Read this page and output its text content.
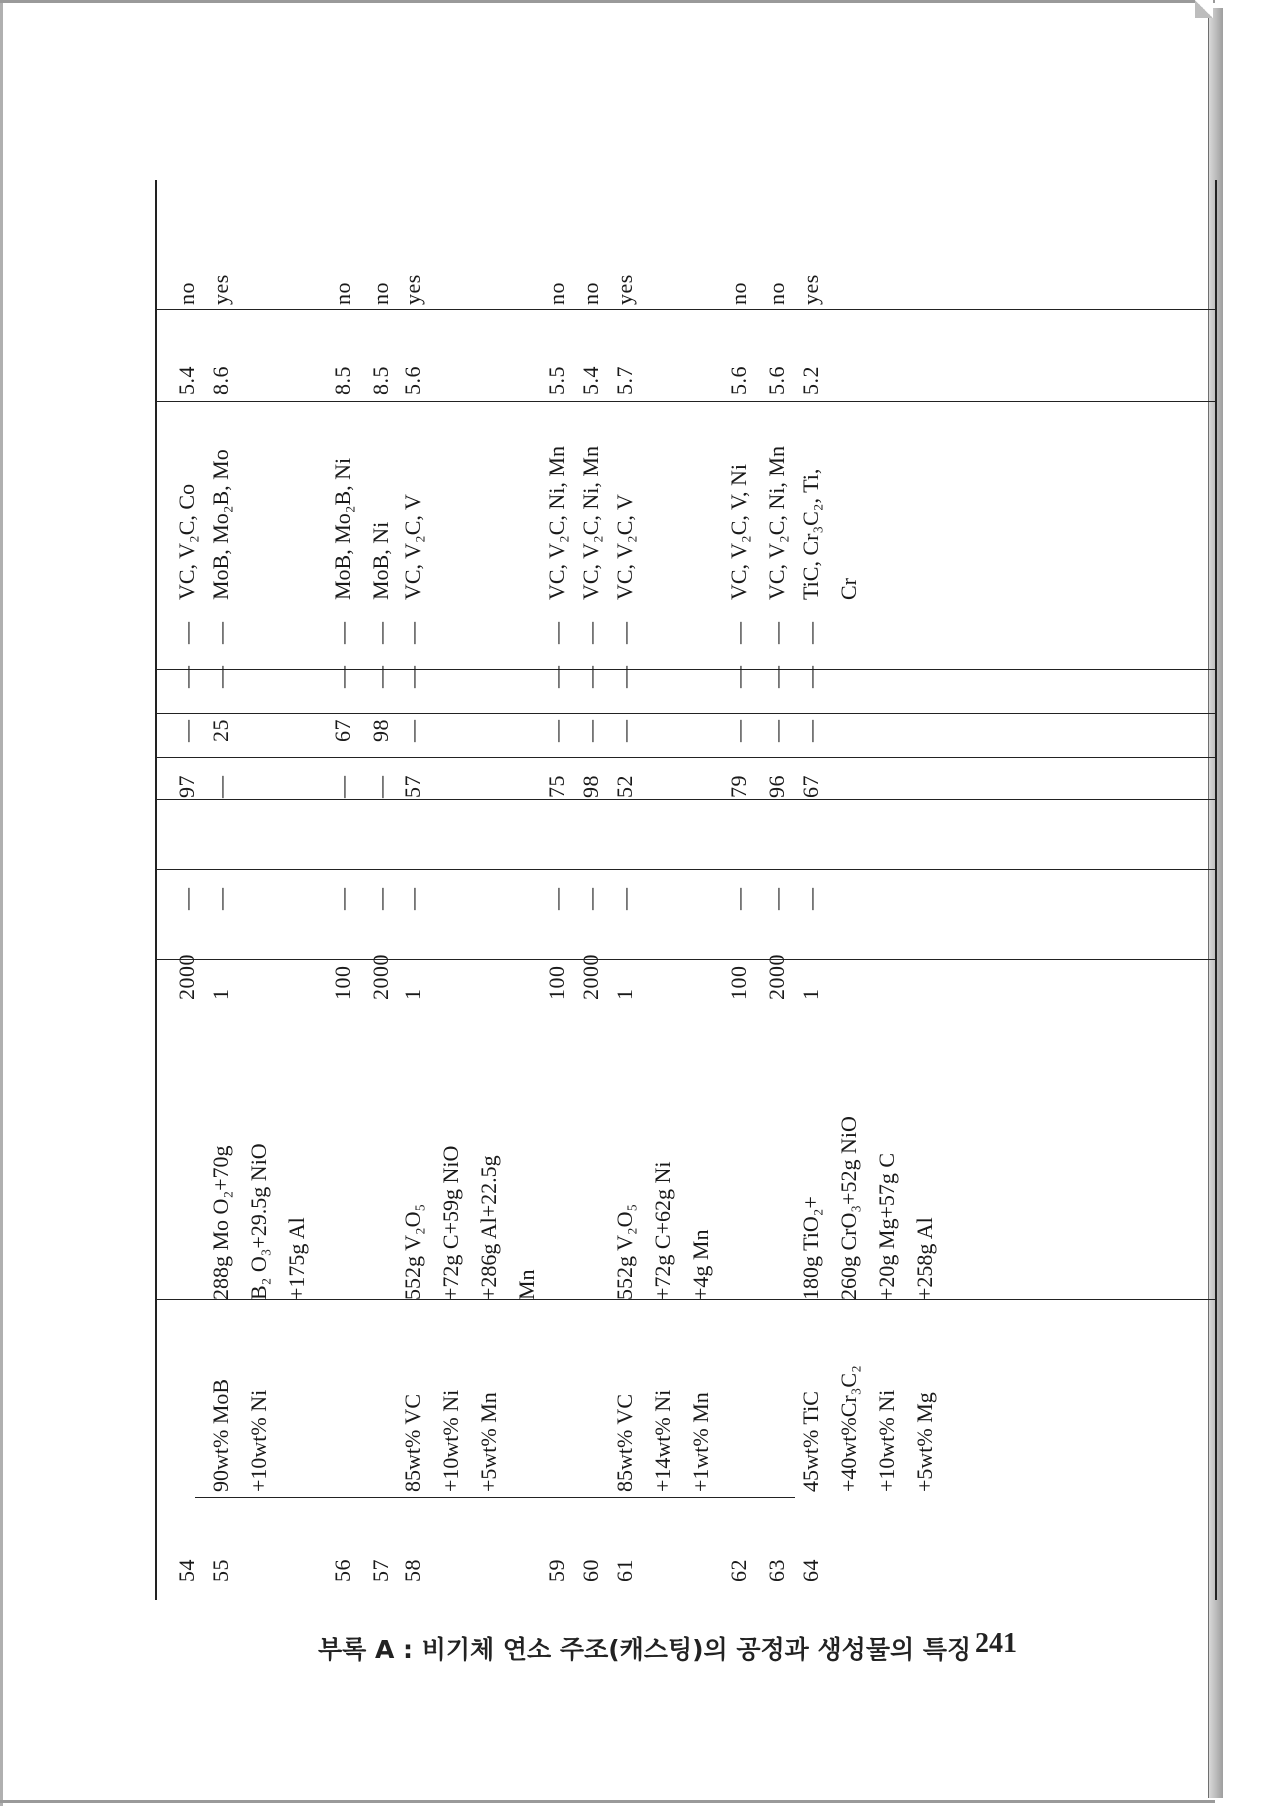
54
2000
—
97
—
—
—
5.4
no
VC, V₂C, Co
55
1
—
—
25
—
—
8.6
yes
90wt% MoB +10wt% Ni
288g Mo O₂+70g B₂ O₃+29.5g NiO +175g Al
MoB, Mo₂B, Mo
56
100
—
—
67
—
—
8.5
no
MoB, Mo₂B, Ni
57
2000
—
—
98
—
—
8.5
no
MoB, Ni
58
1
—
57
—
—
—
5.6
yes
85wt% VC +10wt% Ni +5wt% Mn
552g V₂O₅ +72g C+59g NiO +286g Al+22.5g Mn
VC, V₂C, V
59
100
—
75
—
—
—
5.5
no
VC, V₂C, Ni, Mn
60
2000
—
98
—
—
—
5.4
no
VC, V₂C, Ni, Mn
61
1
—
52
—
—
—
5.7
yes
85wt% VC +14wt% Ni +1wt% Mn
552g V₂O₅ +72g C+62g Ni +4g Mn
VC, V₂C, V
62
100
—
79
—
—
—
5.6
no
VC, V₂C, V, Ni
63
2000
—
96
—
—
—
5.6
no
VC, V₂C, Ni, Mn
64
1
—
67
—
—
—
5.2
yes
45wt% TiC +40wt%Cr₃C₂ +10wt% Ni +5wt% Mg
180g TiO₂+ 260g CrO₃+52g NiO +20g Mg+57g C +258g Al
TiC, Cr₃C₂, Ti, Cr
부록 A : 비기체 연소 주조(캐스팅)의 공정과 생성물의 특징 241
